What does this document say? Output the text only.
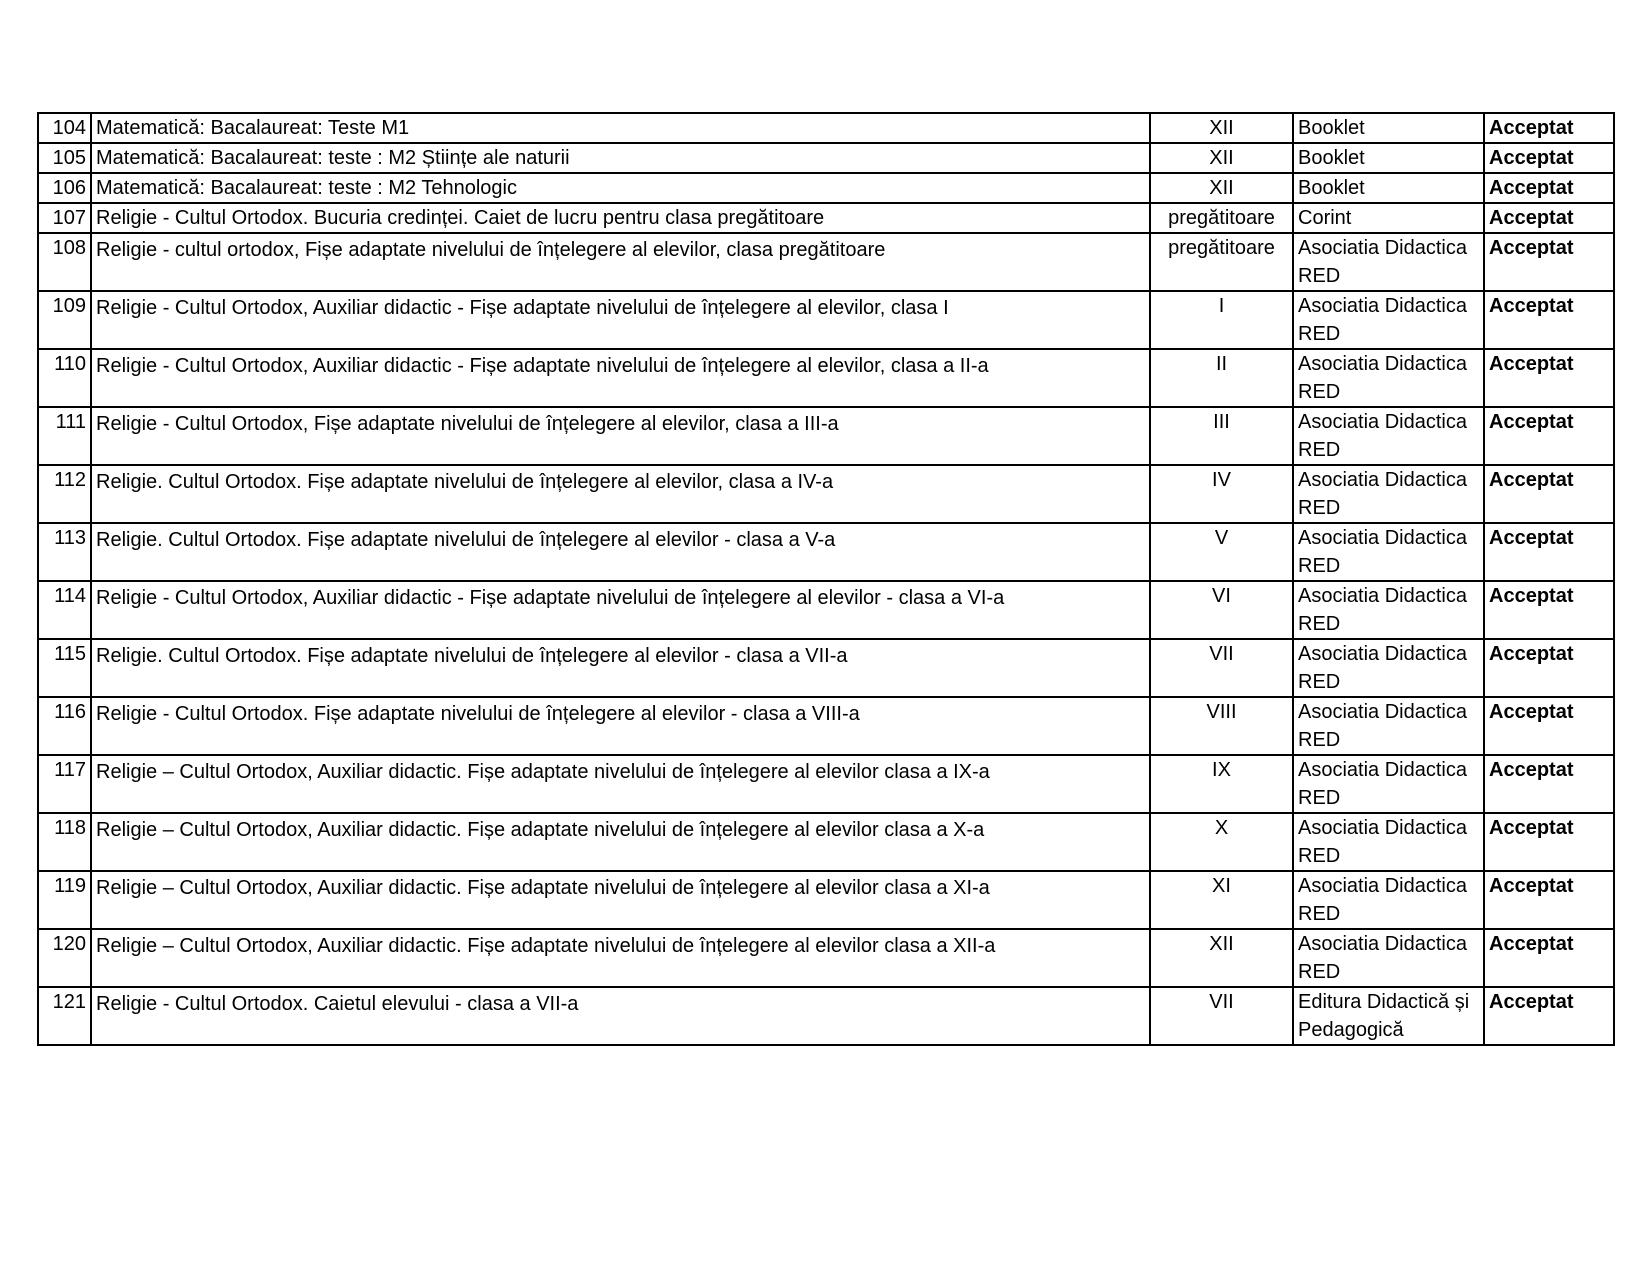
104	Matematică: Bacalaureat: Teste M1	XII	Booklet	Acceptat
105	Matematică: Bacalaureat: teste : M2 Științe ale naturii	XII	Booklet	Acceptat
106	Matematică: Bacalaureat: teste : M2 Tehnologic	XII	Booklet	Acceptat
107	Religie - Cultul Ortodox. Bucuria credinței. Caiet de lucru pentru clasa pregătitoare	pregătitoare	Corint	Acceptat
108	Religie - cultul ortodox, Fișe adaptate nivelului de înțelegere al elevilor, clasa pregătitoare	pregătitoare	Asociatia Didactica RED	Acceptat
109	Religie - Cultul Ortodox, Auxiliar didactic - Fișe adaptate nivelului de înțelegere al elevilor, clasa I	I	Asociatia Didactica RED	Acceptat
110	Religie - Cultul Ortodox, Auxiliar didactic - Fișe adaptate nivelului de înțelegere al elevilor, clasa a II-a	II	Asociatia Didactica RED	Acceptat
111	Religie - Cultul Ortodox, Fișe adaptate nivelului de înțelegere al elevilor, clasa a III-a	III	Asociatia Didactica RED	Acceptat
112	Religie. Cultul Ortodox. Fișe adaptate nivelului de înțelegere al elevilor, clasa a IV-a	IV	Asociatia Didactica RED	Acceptat
113	Religie. Cultul Ortodox. Fișe adaptate nivelului de înțelegere al elevilor - clasa a V-a	V	Asociatia Didactica RED	Acceptat
114	Religie - Cultul Ortodox, Auxiliar didactic - Fișe adaptate nivelului de înțelegere al elevilor - clasa a VI-a	VI	Asociatia Didactica RED	Acceptat
115	Religie. Cultul Ortodox. Fișe adaptate nivelului de înțelegere al elevilor - clasa a VII-a	VII	Asociatia Didactica RED	Acceptat
116	Religie - Cultul Ortodox. Fișe adaptate nivelului de înțelegere al elevilor - clasa a VIII-a	VIII	Asociatia Didactica RED	Acceptat
117	Religie – Cultul Ortodox, Auxiliar didactic. Fișe adaptate nivelului de înțelegere al elevilor clasa a IX-a	IX	Asociatia Didactica RED	Acceptat
118	Religie – Cultul Ortodox, Auxiliar didactic. Fișe adaptate nivelului de înțelegere al elevilor clasa a X-a	X	Asociatia Didactica RED	Acceptat
119	Religie – Cultul Ortodox, Auxiliar didactic. Fișe adaptate nivelului de înțelegere al elevilor clasa a XI-a	XI	Asociatia Didactica RED	Acceptat
120	Religie – Cultul Ortodox, Auxiliar didactic. Fișe adaptate nivelului de înțelegere al elevilor clasa a XII-a	XII	Asociatia Didactica RED	Acceptat
121	Religie - Cultul Ortodox. Caietul elevului - clasa a VII-a	VII	Editura Didactică și Pedagogică	Acceptat
